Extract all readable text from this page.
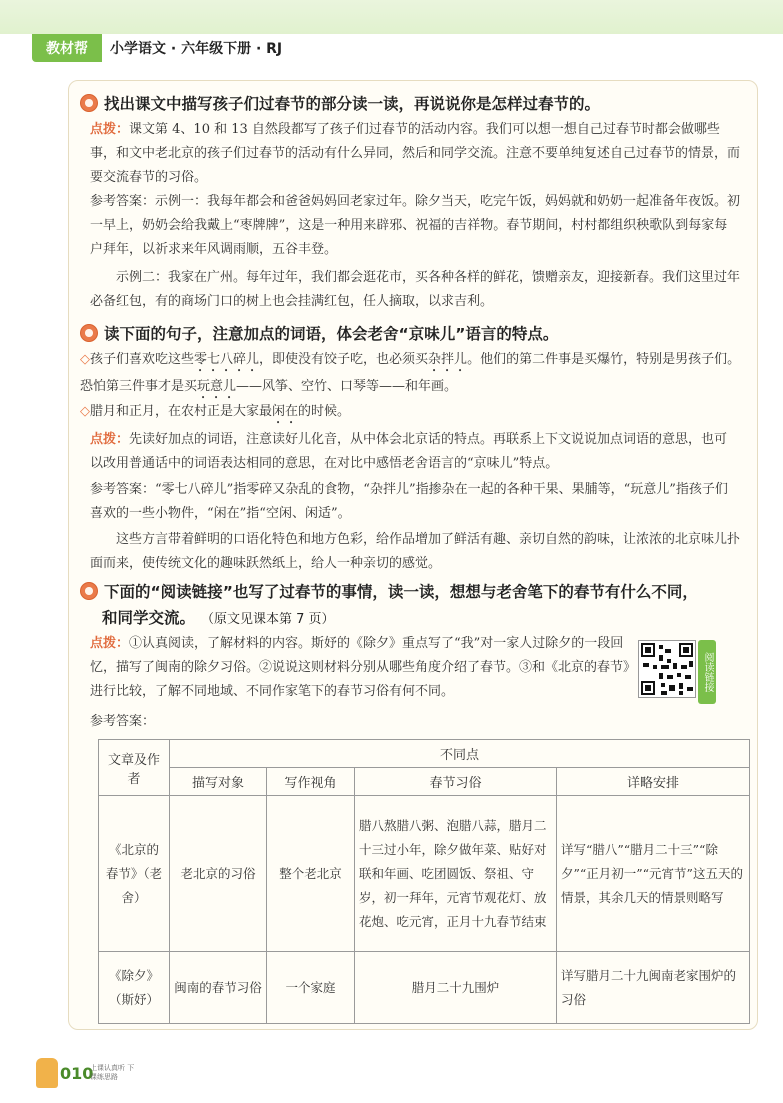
教材帮	小学语文 · 六年级下册 · RJ
找出课文中描写孩子们过春节的部分读一读，再说说你是怎样过春节的。
点拨：课文第 4、10 和 13 自然段都写了孩子们过春节的活动内容。我们可以想一想自己过春节时都会做哪些事，和文中老北京的孩子们过春节的活动有什么异同，然后和同学交流。注意不要单纯复述自己过春节的情景，而要交流春节的习俗。
参考答案：示例一：我每年都会和爸爸妈妈回老家过年。除夕当天，吃完午饭，妈妈就和奶奶一起准备年夜饭。初一早上，奶奶会给我戴上“枣牌牌”，这是一种用来辟邪、祝福的吉祥物。春节期间，村村都组织秧歌队到每家每户拜年，以祈求来年风调雨顺，五谷丰登。
示例二：我家在广州。每年过年，我们都会逛花市，买各种各样的鲜花，馈赠亲友，迎接新春。我们这里过年必备红包，有的商场门口的树上也会挂满红包，任人摘取，以求吉利。
读下面的句子，注意加点的词语，体会老舍“京味儿”语言的特点。
◇孩子们喜欢吃这些零七八碎儿，即使没有饺子吃，也必须买杂拌儿。他们的第二件事是买爆竹，特别是男孩子们。恐怕第三件事才是买玩意儿——风筝、空竹、口琴等——和年画。
◇腊月和正月，在农村正是大家最闲在的时候。
点拨：先读好加点的词语，注意读好儿化音，从中体会北京话的特点。再联系上下文说说加点词语的意思，也可以改用普通话中的词语表达相同的意思，在对比中感悟老舍语言的“京味儿”特点。
参考答案：“零七八碎儿”指零碎又杂乱的食物，“杂拌儿”指掺杂在一起的各种干果、果脯等，“玩意儿”指孩子们喜欢的一些小物件，“闲在”指“空闲、闲适”。
这些方言带着鲜明的口语化特色和地方色彩，给作品增加了鲜活有趣、亲切自然的韵味，让浓浓的北京味儿扑面而来，使传统文化的趣味跃然纸上，给人一种亲切的感觉。
下面的“阅读链接”也写了过春节的事情，读一读，想想与老舍笔下的春节有什么不同，
和同学交流。 （原文见课本第 7 页）
点拨：①认真阅读，了解材料的内容。斯妤的《除夕》重点写了“我”对一家人过除夕的一段回忆，描写了闽南的除夕习俗。②说说这则材料分别从哪些角度介绍了春节。③和《北京的春节》进行比较，了解不同地域、不同作家笔下的春节习俗有何不同。	阅读链接
参考答案：
文章及作者	不同点			
	描写对象	写作视角	春节习俗	详略安排
《北京的春节》（老舍）	老北京的习俗	整个老北京	腊八熬腊八粥、泡腊八蒜，腊月二十三过小年，除夕做年菜、贴好对联和年画、吃团圆饭、祭祖、守岁，初一拜年，元宵节观花灯、放花炮、吃元宵，正月十九春节结束	详写“腊八”“腊月二十三”“除夕”“正月初一”“元宵节”这五天的情景，其余几天的情景则略写
《除夕》（斯妤）	闽南的春节习俗	一个家庭	腊月二十九围炉	详写腊月二十九闽南老家围炉的习俗
010
上课认真听 下课练思路
